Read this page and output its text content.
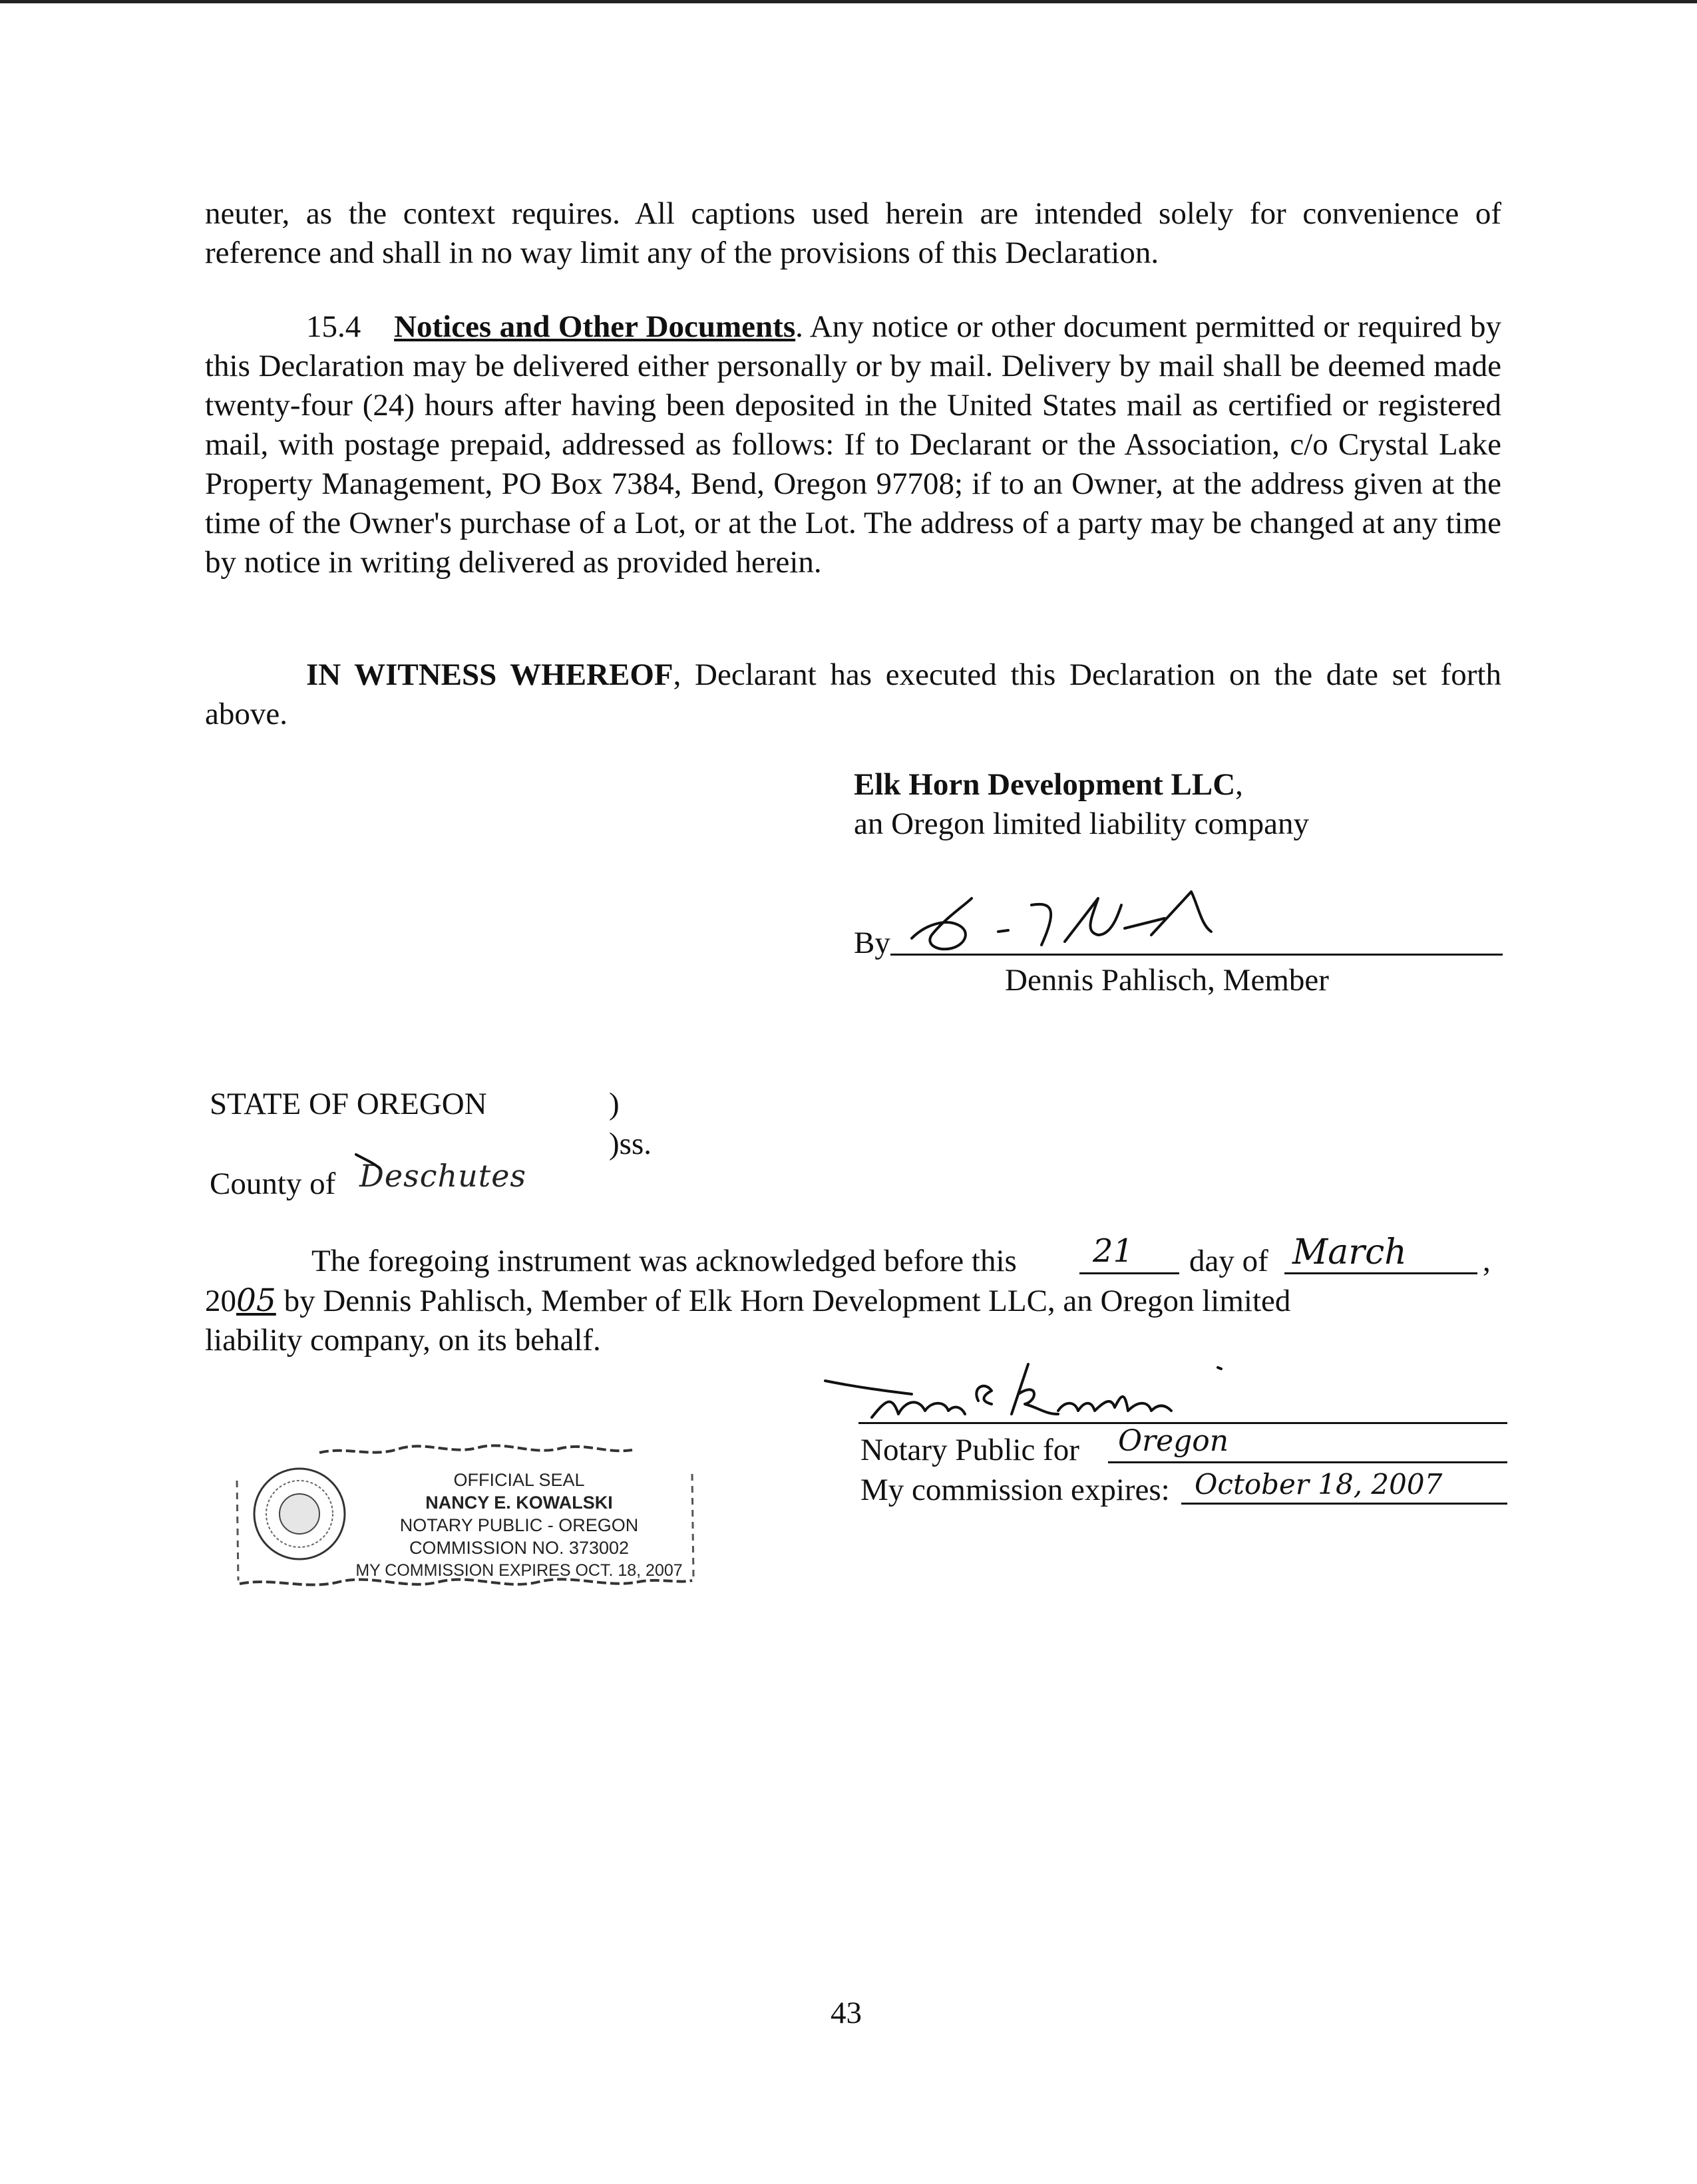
neuter, as the context requires. All captions used herein are intended solely for convenience of reference and shall in no way limit any of the provisions of this Declaration.
15.4 Notices and Other Documents. Any notice or other document permitted or required by this Declaration may be delivered either personally or by mail. Delivery by mail shall be deemed made twenty-four (24) hours after having been deposited in the United States mail as certified or registered mail, with postage prepaid, addressed as follows: If to Declarant or the Association, c/o Crystal Lake Property Management, PO Box 7384, Bend, Oregon 97708; if to an Owner, at the address given at the time of the Owner's purchase of a Lot, or at the Lot. The address of a party may be changed at any time by notice in writing delivered as provided herein.
IN WITNESS WHEREOF, Declarant has executed this Declaration on the date set forth above.
Elk Horn Development LLC,
an Oregon limited liability company
By
Dennis Pahlisch, Member
STATE OF OREGON	)
)ss.
County of Deschutes
The foregoing instrument was acknowledged before this 21 day of March ,
2005 by Dennis Pahlisch, Member of Elk Horn Development LLC, an Oregon limited
liability company, on its behalf.
Notary Public for Oregon
My commission expires: October 18, 2007
OFFICIAL SEAL
NANCY E. KOWALSKI
NOTARY PUBLIC - OREGON
COMMISSION NO. 373002
MY COMMISSION EXPIRES OCT. 18, 2007
43
